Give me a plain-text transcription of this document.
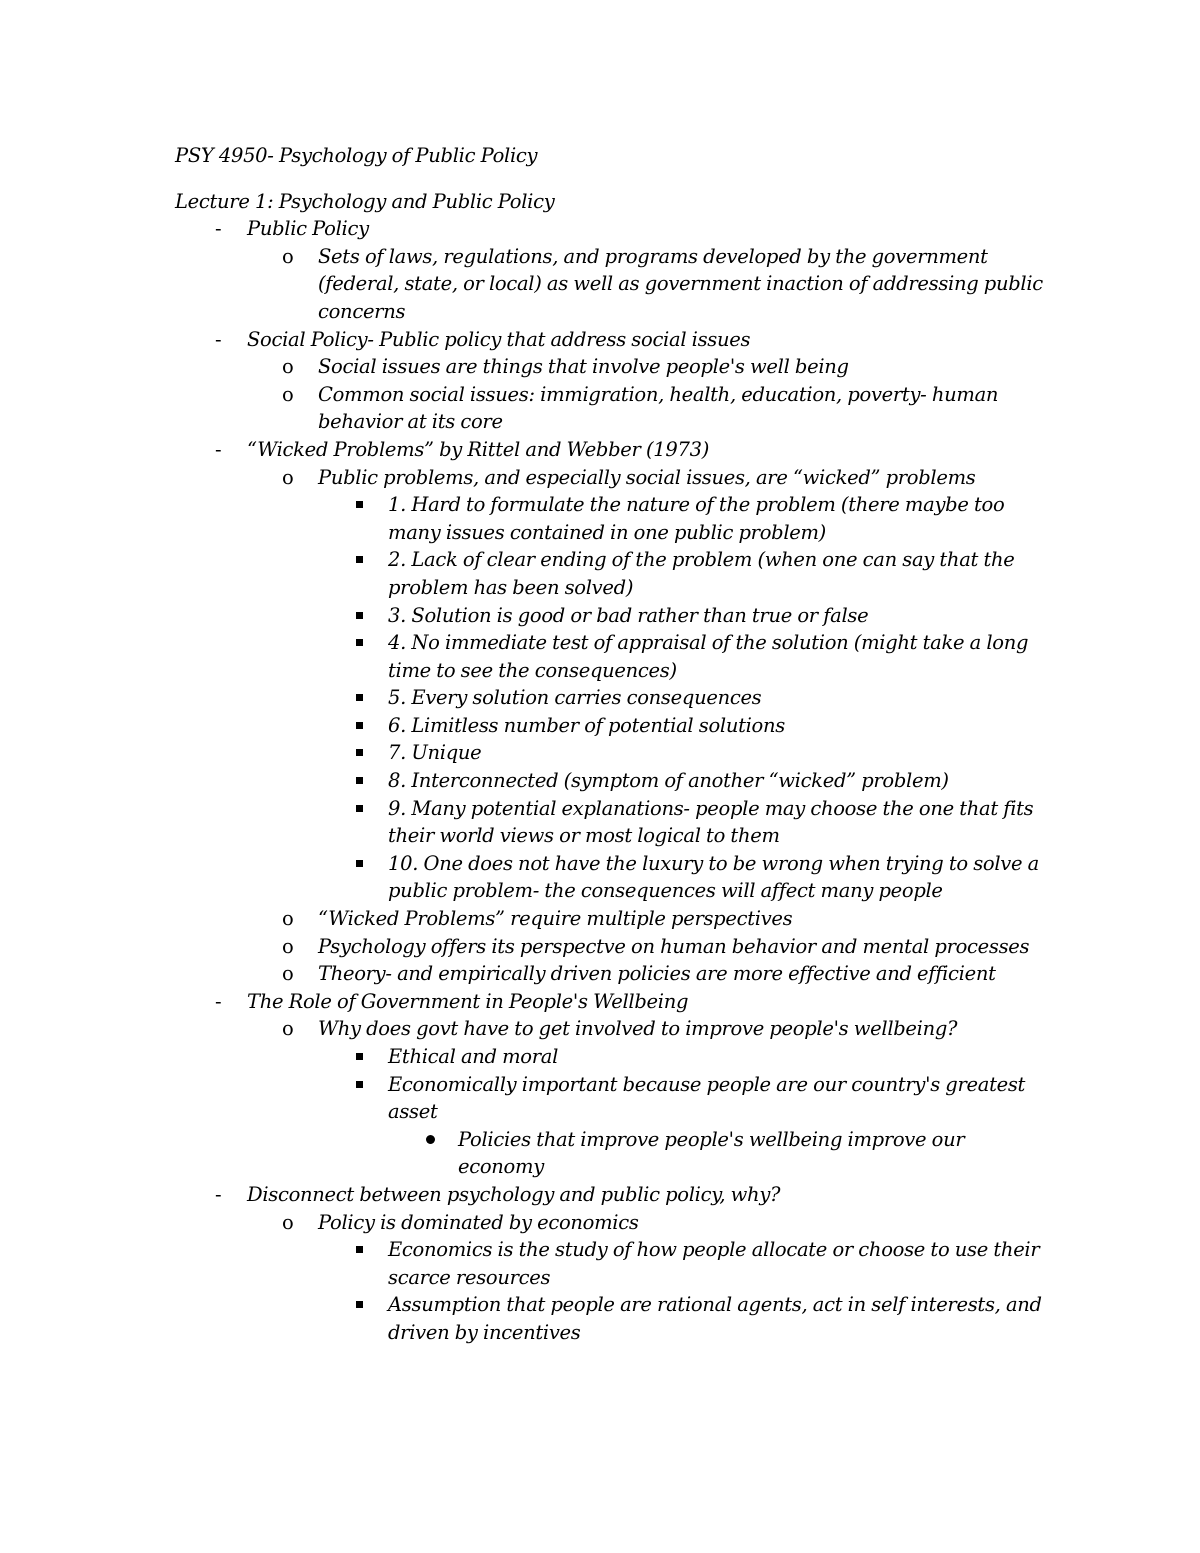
PSY 4950- Psychology of Public Policy

Lecture 1: Psychology and Public Policy

- Public Policy
o Sets of laws, regulations, and programs developed by the government (federal, state, or local) as well as government inaction of addressing public concerns
- Social Policy- Public policy that address social issues
o Social issues are things that involve people's well being
o Common social issues: immigration, health, education, poverty- human behavior at its core
- “Wicked Problems” by Rittel and Webber (1973)
o Public problems, and especially social issues, are “wicked” problems
1. Hard to formulate the nature of the problem (there maybe too many issues contained in one public problem)
2. Lack of clear ending of the problem (when one can say that the problem has been solved)
3. Solution is good or bad rather than true or false
4. No immediate test of appraisal of the solution (might take a long time to see the consequences)
5. Every solution carries consequences
6. Limitless number of potential solutions
7. Unique
8. Interconnected (symptom of another “wicked” problem)
9. Many potential explanations- people may choose the one that fits their world views or most logical to them
10. One does not have the luxury to be wrong when trying to solve a public problem- the consequences will affect many people
o “Wicked Problems” require multiple perspectives
o Psychology offers its perspectve on human behavior and mental processes
o Theory- and empirically driven policies are more effective and efficient
- The Role of Government in People's Wellbeing
o Why does govt have to get involved to improve people's wellbeing?
Ethical and moral
Economically important because people are our country's greatest asset
Policies that improve people's wellbeing improve our economy
- Disconnect between psychology and public policy, why?
o Policy is dominated by economics
Economics is the study of how people allocate or choose to use their scarce resources
Assumption that people are rational agents, act in self interests, and driven by incentives
